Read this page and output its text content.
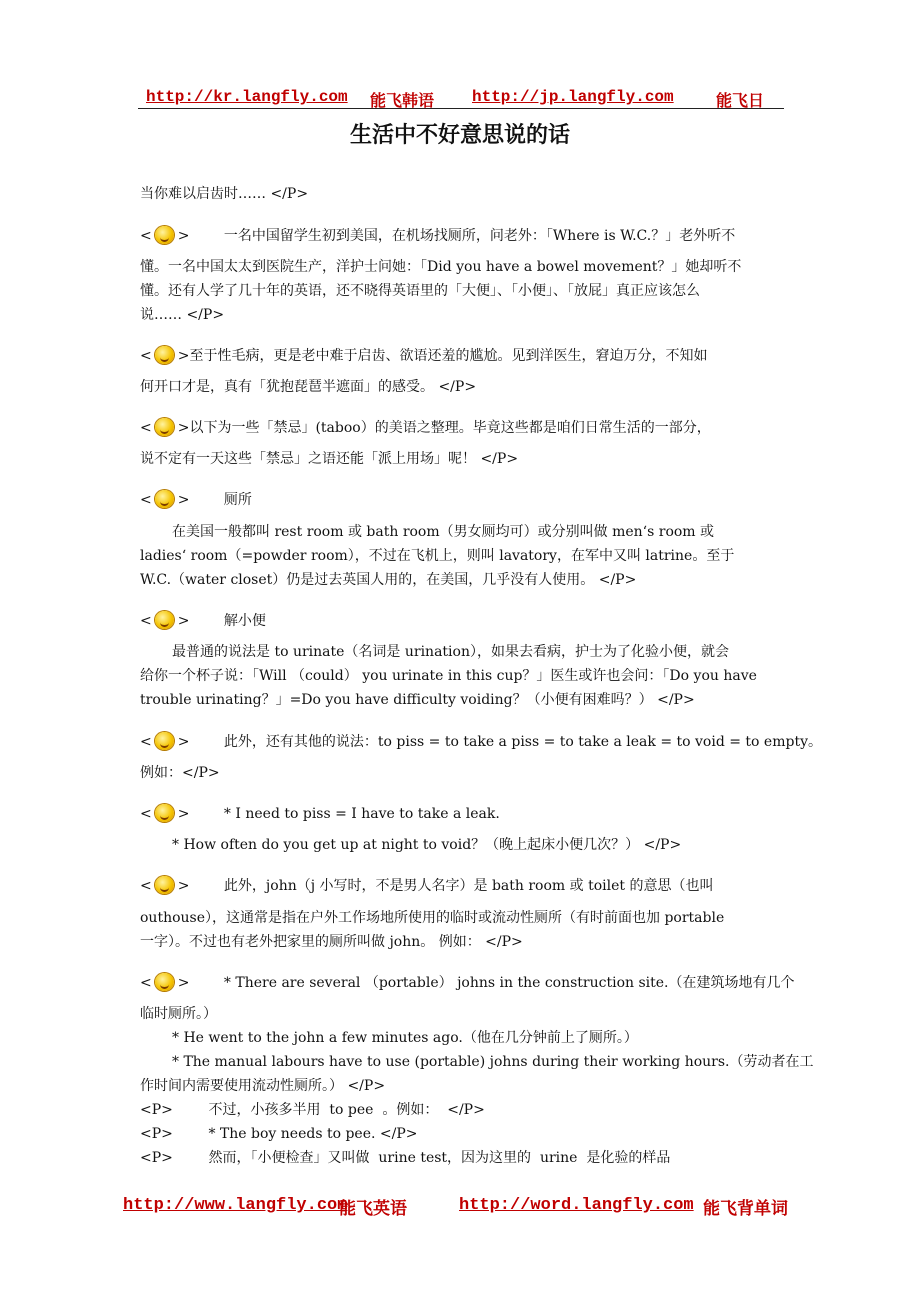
http://kr.langfly.com 能飞韩语 http://jp.langfly.com	能飞日
生活中不好意思说的话
当你难以启齿时…… </P>
< > 一名中国留学生初到美国，在机场找厕所，问老外：「Where is W.C.？」老外听不
懂。一名中国太太到医院生产，洋护士问她：「Did you have a bowel movement？」她却听不
懂。还有人学了几十年的英语，还不晓得英语里的「大便」、「小便」、「放屁」真正应该怎么
说…… </P>
< >至于性毛病，更是老中难于启齿、欲语还羞的尴尬。见到洋医生，窘迫万分，不知如
何开口才是，真有「犹抱琵琶半遮面」的感受。 </P>
< >以下为一些「禁忌」(taboo）的美语之整理。毕竟这些都是咱们日常生活的一部分，
说不定有一天这些「禁忌」之语还能「派上用场」呢！ </P>
< > 厕所
在美国一般都叫 rest room 或 bath room（男女厕均可）或分别叫做 men‘s room 或
ladies‘ room（=powder room），不过在飞机上，则叫 lavatory，在军中又叫 latrine。至于
W.C.（water closet）仍是过去英国人用的，在美国，几乎没有人使用。 </P>
< > 解小便
最普通的说法是 to urinate（名词是 urination），如果去看病，护士为了化验小便，就会
给你一个杯子说：「Will （could） you urinate in this cup？」医生或许也会问：「Do you have
trouble urinating？」=Do you have difficulty voiding？（小便有困难吗？） </P>
< > 此外，还有其他的说法：to piss = to take a piss = to take a leak = to void = to empty。
例如：</P>
< > * I need to piss = I have to take a leak.
* How often do you get up at night to void？（晚上起床小便几次？） </P>
< > 此外，john（j 小写时，不是男人名字）是 bath room 或 toilet 的意思（也叫
outhouse），这通常是指在户外工作场地所使用的临时或流动性厕所（有时前面也加 portable
一字）。不过也有老外把家里的厕所叫做 john。 例如： </P>
< > * There are several （portable） johns in the construction site.（在建筑场地有几个
临时厕所。）
* He went to the john a few minutes ago.（他在几分钟前上了厕所。）
* The manual labours have to use (portable) johns during their working hours.（劳动者在工
作时间内需要使用流动性厕所。） </P>
<P>        不过，小孩多半用  to pee  。例如：  </P>
<P>        * The boy needs to pee. </P>
<P>        然而，「小便检查」又叫做  urine test，因为这里的  urine  是化验的样品
http://www.langfly.com
能飞英语	http://word.langfly.com 能飞背单词
